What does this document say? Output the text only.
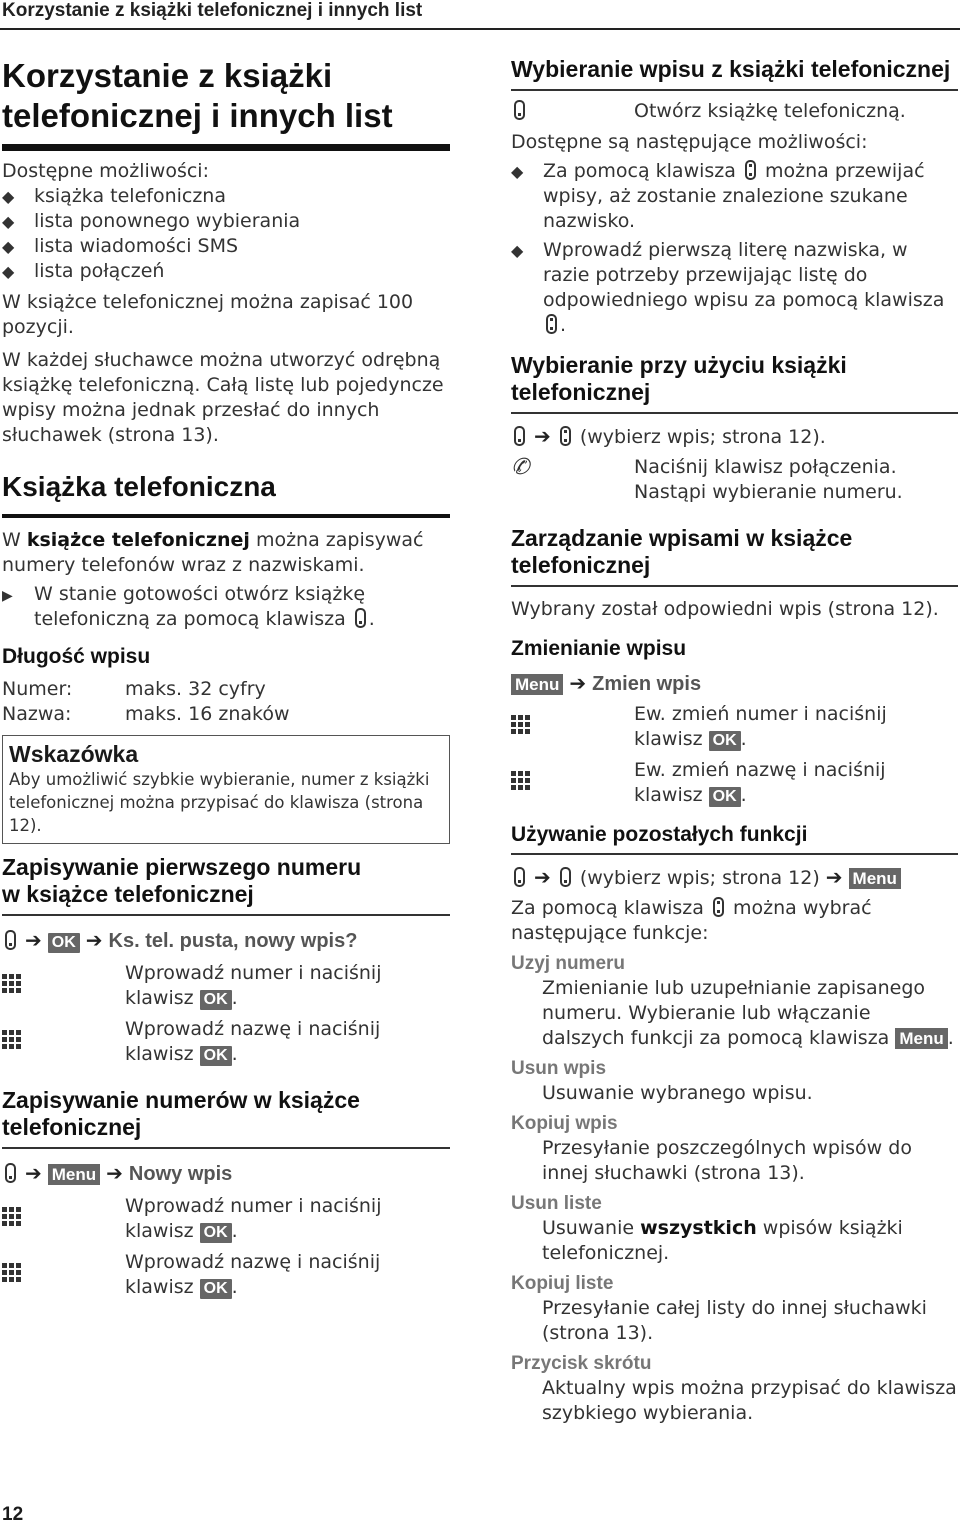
Korzystanie z książki telefonicznej i innych list
Korzystanie z książki
telefonicznej i innych list

Dostępne możliwości:

◆	książka telefoniczna
◆	lista ponownego wybierania
◆	lista wiadomości SMS
◆	lista połączeń

W książce telefonicznej można zapisać 100 pozycji.

W każdej słuchawce można utworzyć odrębną książkę telefoniczną. Całą listę lub pojedyncze wpisy można jednak przesłać do innych słuchawek (strona 13).

Książka telefoniczna

W książce telefonicznej można zapisywać numery telefonów wraz z nazwiskami.

▶	W stanie gotowości otwórz książkę telefoniczną za pomocą klawisza .
Długość wpisu
Numer:	maks. 32 cyfry
Nazwa:	maks. 16 znaków
Wskazówka

Aby umożliwić szybkie wybieranie, numer z książki telefonicznej można przypisać do klawisza (strona 12).

Zapisywanie pierwszego numeru
w książce telefonicznej
➔ OK ➔ Ks. tel. pusta, nowy wpis?
Wprowadź numer i naciśnij klawisz OK .
Wprowadź nazwę i naciśnij klawisz OK .
Zapisywanie numerów w książce
telefonicznej
➔ Menu ➔ Nowy wpis
Wprowadź numer i naciśnij klawisz OK .
Wprowadź nazwę i naciśnij klawisz OK .
Wybieranie wpisu z książki telefonicznej
Otwórz książkę telefoniczną.

Dostępne są następujące możliwości:

◆	Za pomocą klawisza można przewijać wpisy, aż zostanie znalezione szukane nazwisko.
◆	Wprowadź pierwszą literę nazwiska, w razie potrzeby przewijając listę do odpowiedniego wpisu za pomocą klawisza .
Wybieranie przy użyciu książki
telefonicznej
➔ (wybierz wpis; strona 12).
✆	Naciśnij klawisz połączenia.
Nastąpi wybieranie numeru.
Zarządzanie wpisami w książce
telefonicznej

Wybrany został odpowiedni wpis (strona 12).

Zmienianie wpisu
Menu ➔ Zmien wpis
Ew. zmień numer i naciśnij klawisz OK .
Ew. zmień nazwę i naciśnij klawisz OK .
Używanie pozostałych funkcji
➔ (wybierz wpis; strona 12) ➔ Menu

Za pomocą klawisza można wybrać następujące funkcje:

Uzyj numeru
Zmienianie lub uzupełnianie zapisanego numeru. Wybieranie lub włączanie dalszych funkcji za pomocą klawisza Menu .
Usun wpis
Usuwanie wybranego wpisu.
Kopiuj wpis
Przesyłanie poszczególnych wpisów do innej słuchawki (strona 13).
Usun liste
Usuwanie wszystkich wpisów książki telefonicznej.
Kopiuj liste
Przesyłanie całej listy do innej słuchawki (strona 13).
Przycisk skrótu
Aktualny wpis można przypisać do klawisza szybkiego wybierania.
12
